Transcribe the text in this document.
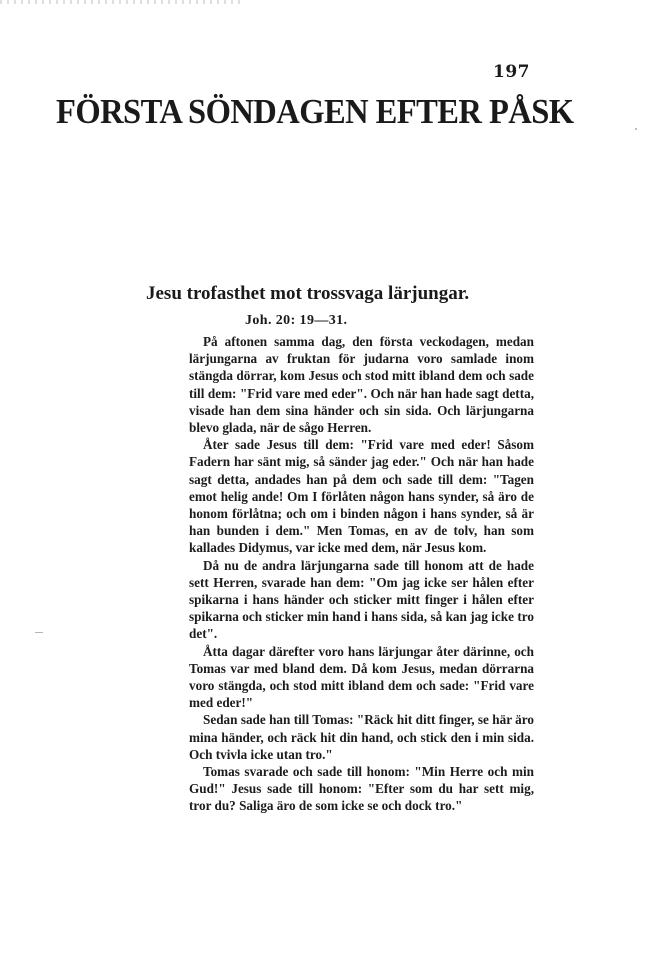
197
FÖRSTA SÖNDAGEN EFTER PÅSK
Jesu trofasthet mot trossvaga lärjungar.
Joh. 20: 19—31.

På aftonen samma dag, den första veckodagen, medan lärjungarna av fruktan för judarna voro samlade inom stängda dörrar, kom Jesus och stod mitt ibland dem och sade till dem: "Frid vare med eder". Och när han hade sagt detta, visade han dem sina händer och sin sida. Och lärjungarna blevo glada, när de sågo Herren.

Åter sade Jesus till dem: "Frid vare med eder! Såsom Fadern har sänt mig, så sänder jag eder." Och när han hade sagt detta, andades han på dem och sade till dem: "Tagen emot helig ande! Om I förlåten någon hans synder, så äro de honom förlåtna; och om i binden någon i hans synder, så är han bunden i dem." Men Tomas, en av de tolv, han som kallades Didymus, var icke med dem, när Jesus kom.

Då nu de andra lärjungarna sade till honom att de hade sett Herren, svarade han dem: "Om jag icke ser hålen efter spikarna i hans händer och sticker mitt finger i hålen efter spikarna och sticker min hand i hans sida, så kan jag icke tro det".

Åtta dagar därefter voro hans lärjungar åter därinne, och Tomas var med bland dem. Då kom Jesus, medan dörrarna voro stängda, och stod mitt ibland dem och sade: "Frid vare med eder!"

Sedan sade han till Tomas: "Räck hit ditt finger, se här äro mina händer, och räck hit din hand, och stick den i min sida. Och tvivla icke utan tro."

Tomas svarade och sade till honom: "Min Herre och min Gud!" Jesus sade till honom: "Efter som du har sett mig, tror du? Saliga äro de som icke se och dock tro."
